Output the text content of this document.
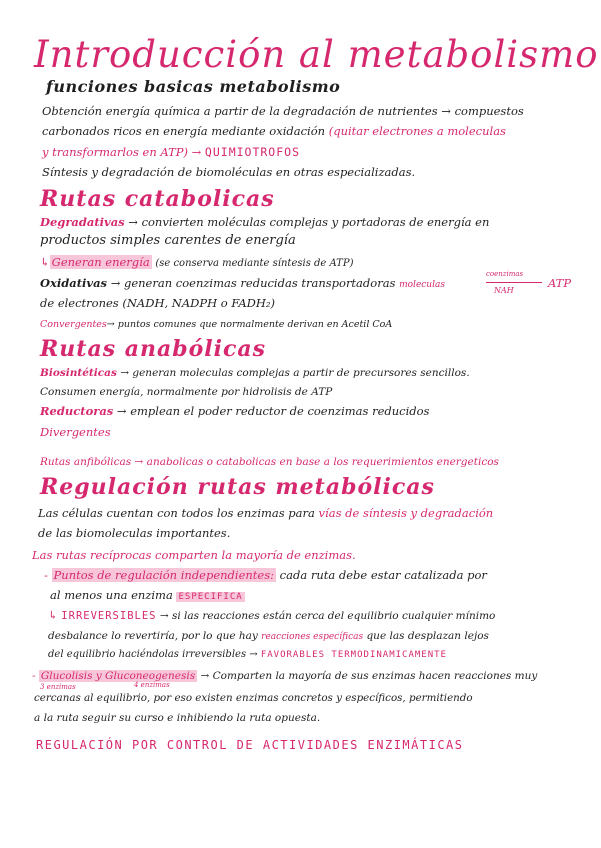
Introducción al metabolismo
funciones basicas metabolismo
Obtención energía química a partir de la degradación de nutrientes → compuestos
carbonados ricos en energía mediante oxidación (quitar electrones a moleculas
y transformarlos en ATP) → QUIMIOTROFOS
Síntesis y degradación de biomoléculas en otras especializadas.
Rutas catabolicas
Degradativas → convierten moléculas complejas y portadoras de energía en
productos simples carentes de energía
↳ Generan energía (se conserva mediante síntesis de ATP)
Oxidativas → generan coenzimas reducidas transportadoras moleculas
coenzimas
NAH
ATP
de electrones (NADH, NADPH o FADH₂)
Convergentes→ puntos comunes que normalmente derivan en Acetil CoA
Rutas anabólicas
Biosintéticas → generan moleculas complejas a partir de precursores sencillos.
Consumen energía, normalmente por hidrolisis de ATP
Reductoras → emplean el poder reductor de coenzimas reducidos
Divergentes
Rutas anfibólicas → anabolicas o catabolicas en base a los requerimientos energeticos
Regulación rutas metabólicas
Las células cuentan con todos los enzimas para vías de síntesis y degradación
de las biomoleculas importantes.
Las rutas recíprocas comparten la mayoría de enzimas.
- Puntos de regulación independientes: cada ruta debe estar catalizada por
al menos una enzima ESPECIFICA
↳ IRREVERSIBLES → si las reacciones están cerca del equilibrio cualquier mínimo
desbalance lo revertiría, por lo que hay reacciones específicas que las desplazan lejos
del equilibrio haciéndolas irreversibles → FAVORABLES TERMODINAMICAMENTE
- Glucolisis y Gluconeogenesis → Comparten la mayoría de sus enzimas hacen reacciones muy
3 enzimas	4 enzimas
cercanas al equilibrio, por eso existen enzimas concretos y específicos, permitiendo
a la ruta seguir su curso e inhibiendo la ruta opuesta.
REGULACIÓN POR CONTROL DE ACTIVIDADES ENZIMÁTICAS
